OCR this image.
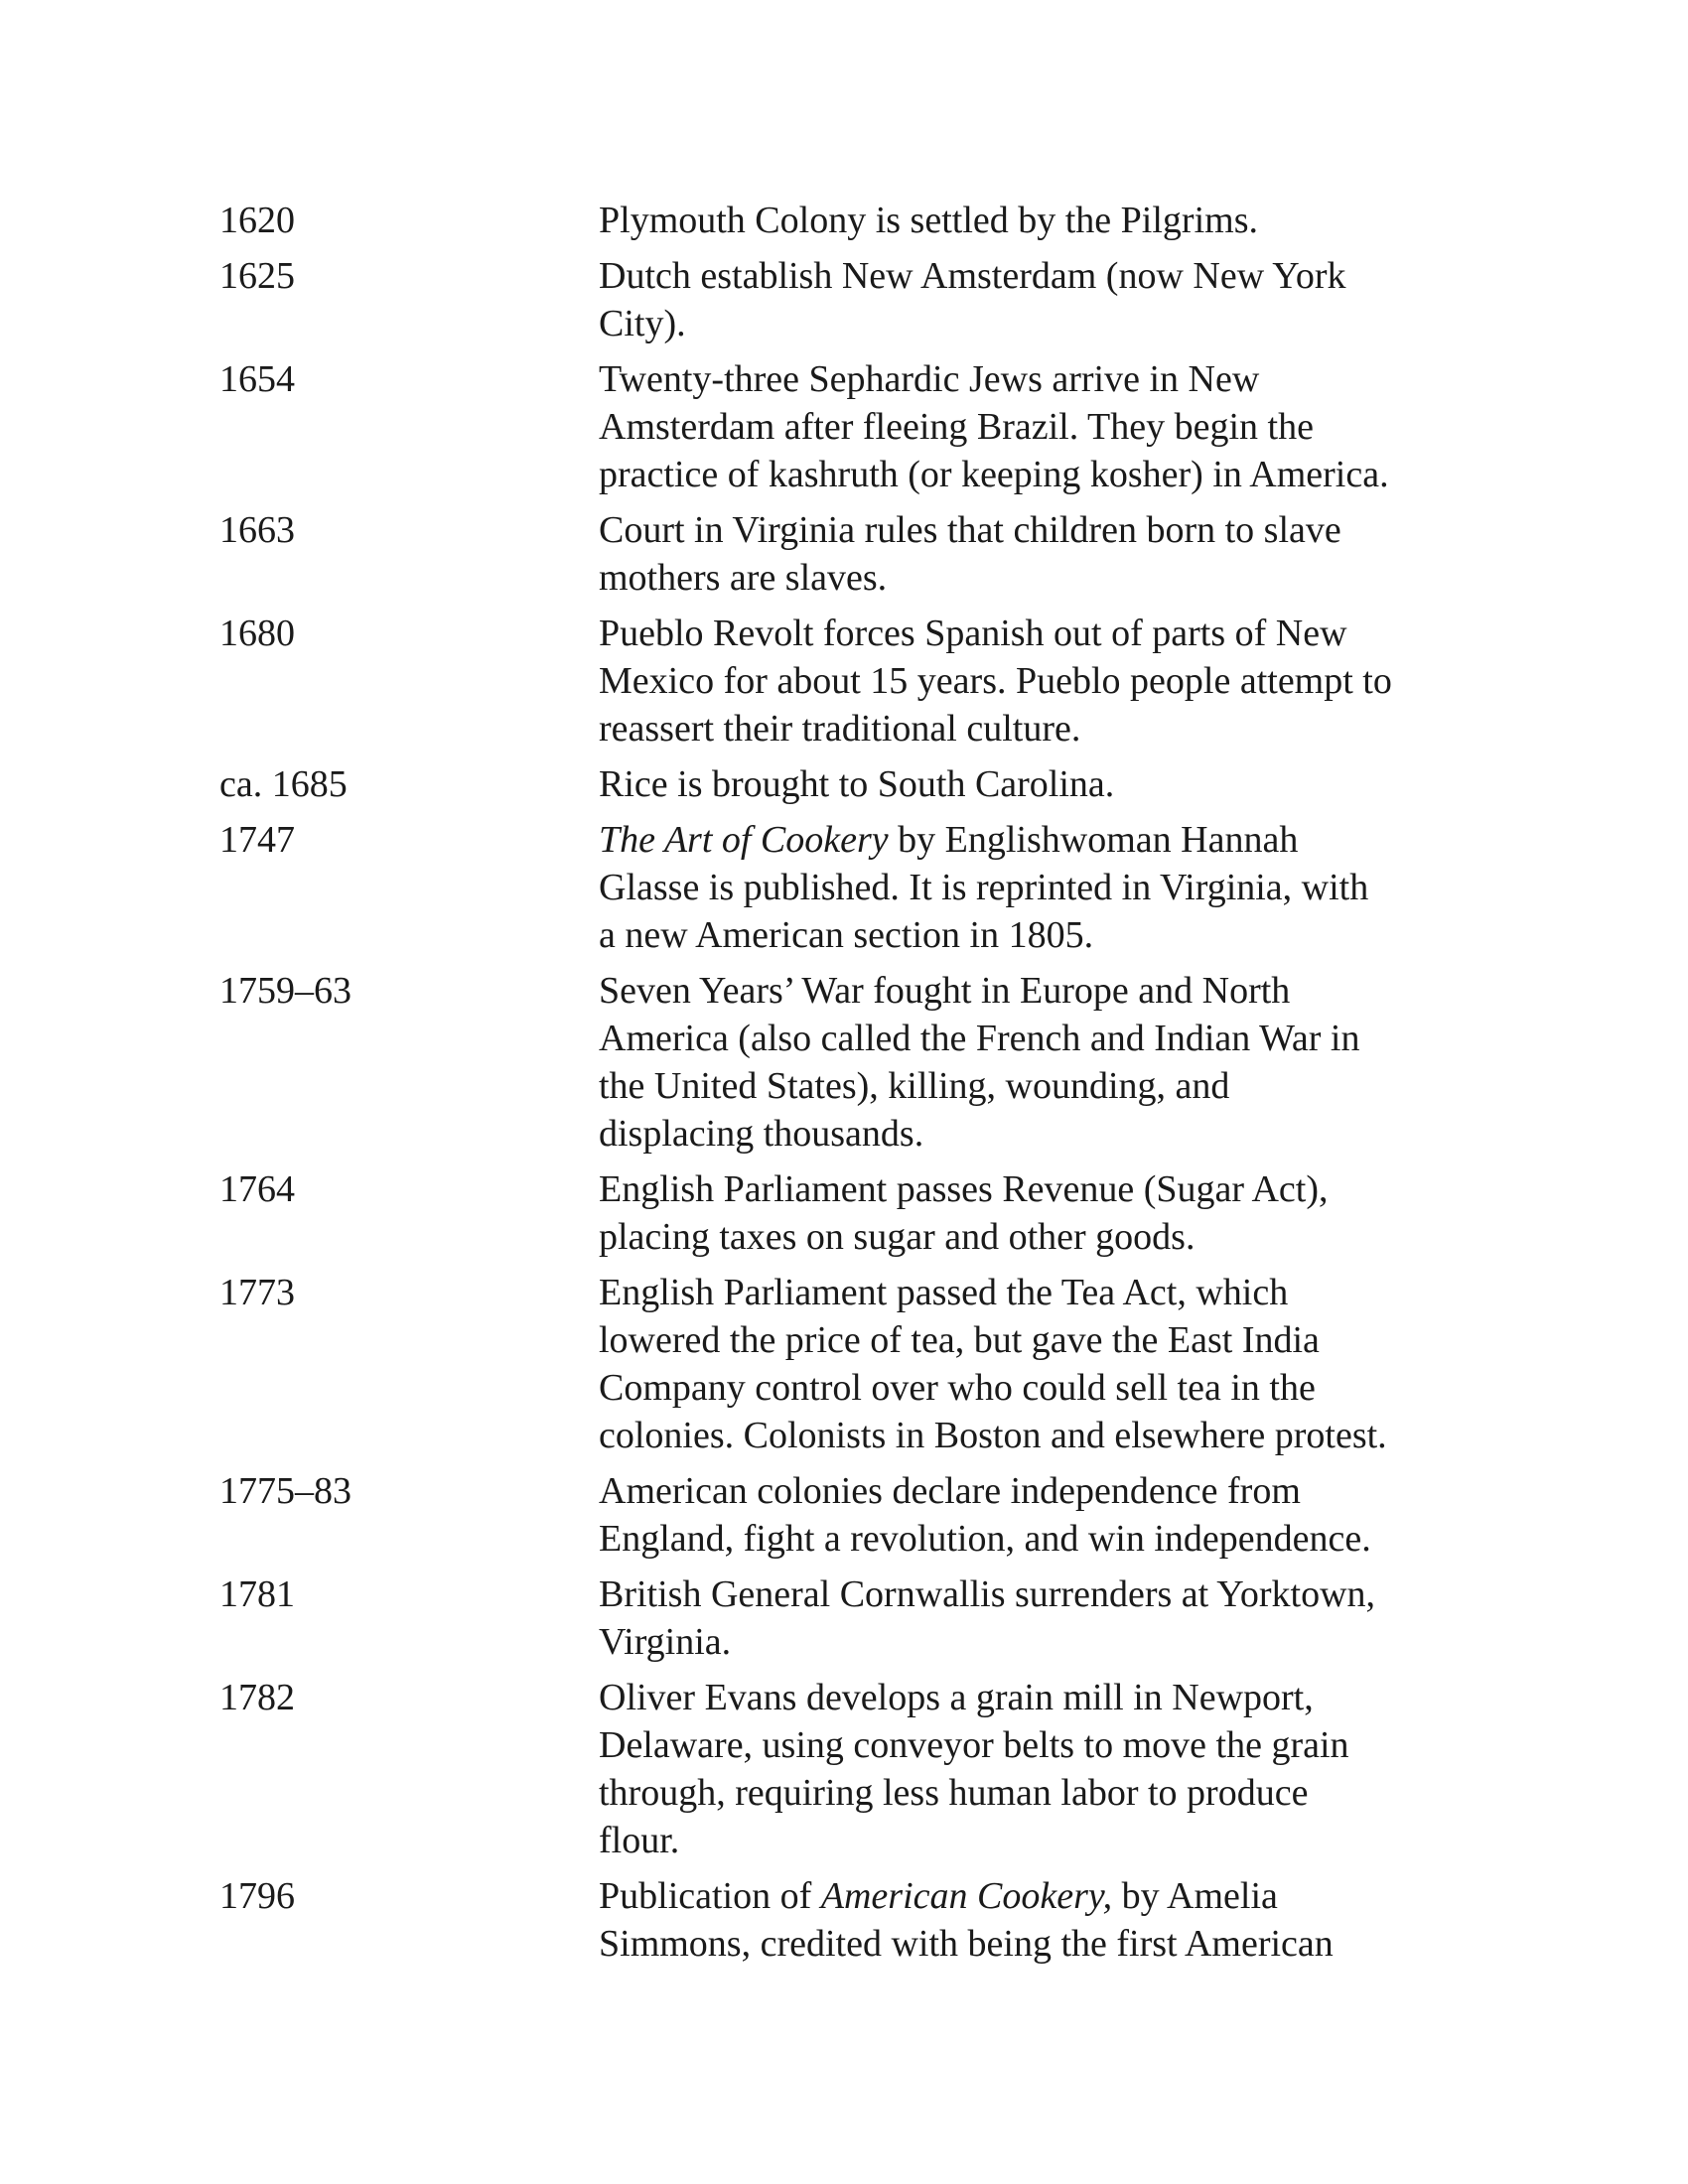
1620	Plymouth Colony is settled by the Pilgrims.
1625	Dutch establish New Amsterdam (now New York
City).
1654	Twenty-three Sephardic Jews arrive in New
Amsterdam after fleeing Brazil. They begin the
practice of kashruth (or keeping kosher) in America.
1663	Court in Virginia rules that children born to slave
mothers are slaves.
1680	Pueblo Revolt forces Spanish out of parts of New
Mexico for about 15 years. Pueblo people attempt to
reassert their traditional culture.
ca. 1685	Rice is brought to South Carolina.
1747	The Art of Cookery by Englishwoman Hannah
Glasse is published. It is reprinted in Virginia, with
a new American section in 1805.
1759–63	Seven Years’ War fought in Europe and North
America (also called the French and Indian War in
the United States), killing, wounding, and
displacing thousands.
1764	English Parliament passes Revenue (Sugar Act),
placing taxes on sugar and other goods.
1773	English Parliament passed the Tea Act, which
lowered the price of tea, but gave the East India
Company control over who could sell tea in the
colonies. Colonists in Boston and elsewhere protest.
1775–83	American colonies declare independence from
England, fight a revolution, and win independence.
1781	British General Cornwallis surrenders at Yorktown,
Virginia.
1782	Oliver Evans develops a grain mill in Newport,
Delaware, using conveyor belts to move the grain
through, requiring less human labor to produce
flour.
1796	Publication of American Cookery, by Amelia
Simmons, credited with being the first American
